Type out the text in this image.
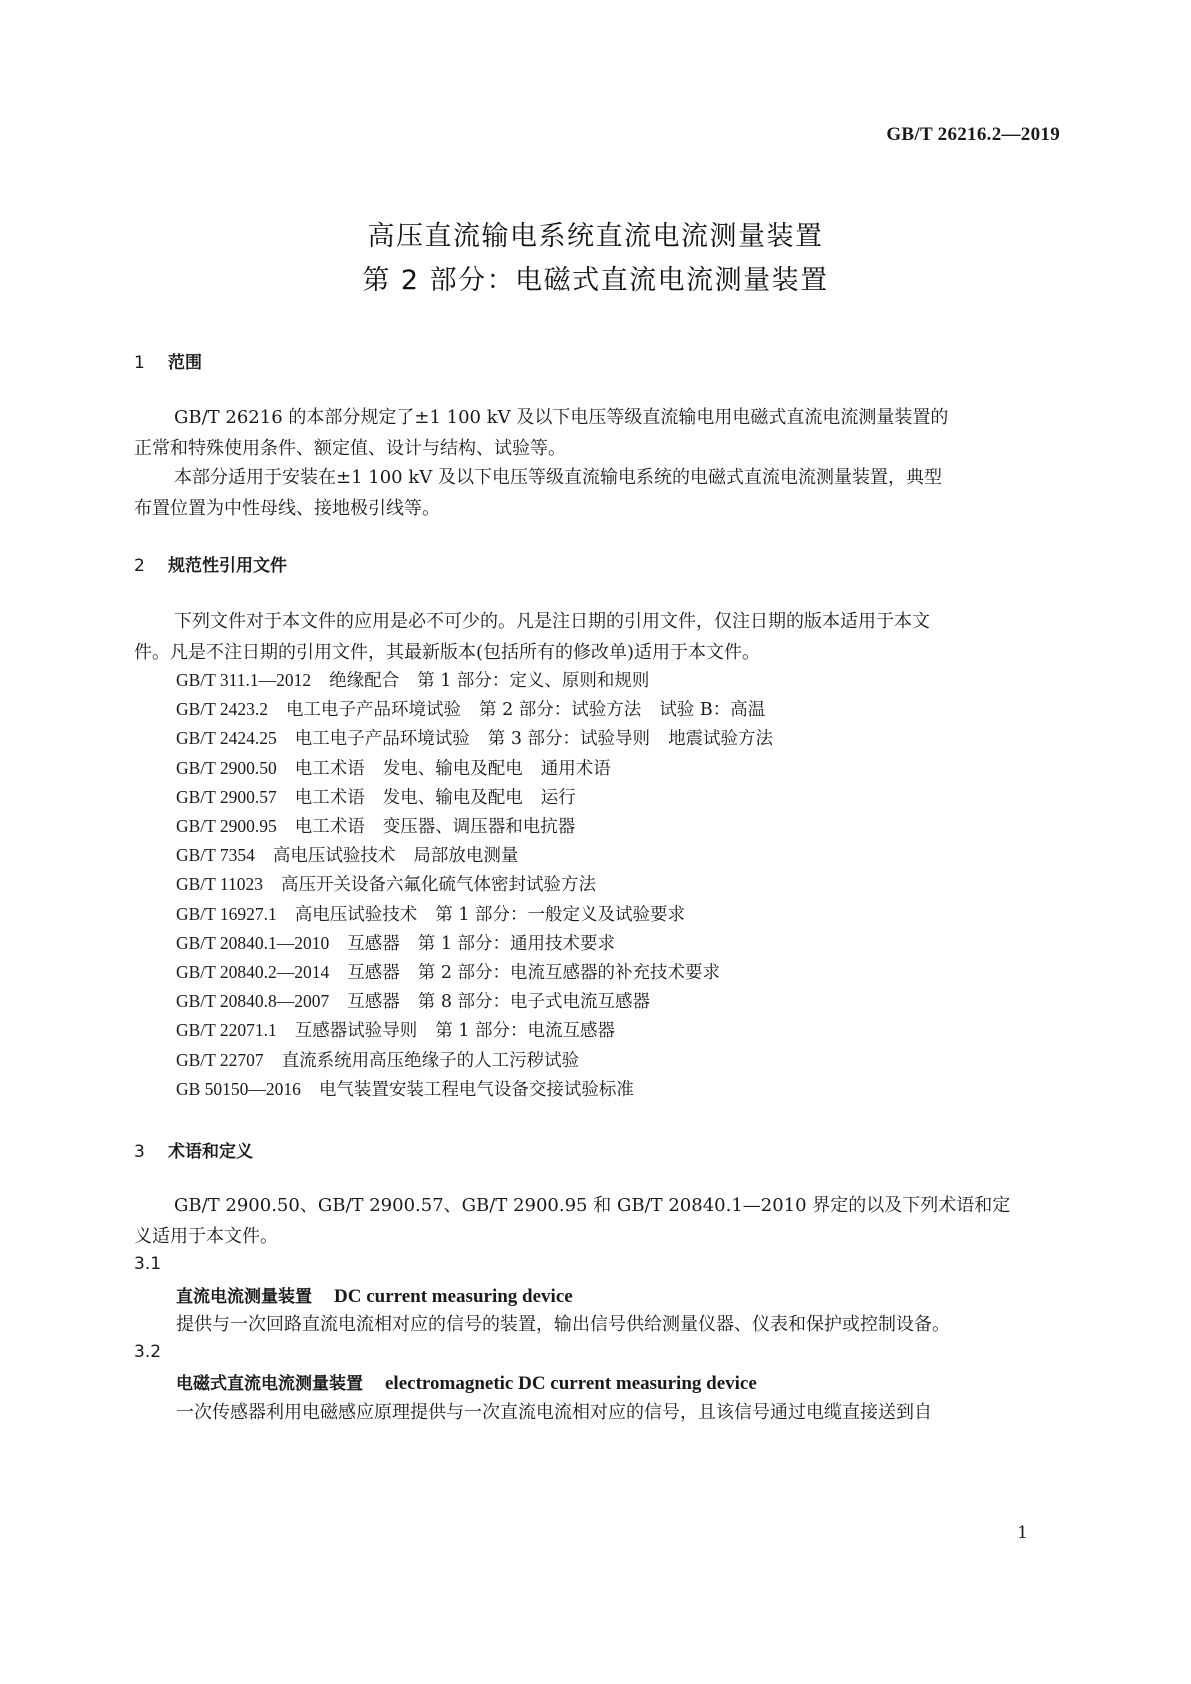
GB/T 26216.2—2019
高压直流输电系统直流电流测量装置
第 2 部分：电磁式直流电流测量装置
1 范围
GB/T 26216 的本部分规定了±1 100 kV 及以下电压等级直流输电用电磁式直流电流测量装置的
正常和特殊使用条件、额定值、设计与结构、试验等。
本部分适用于安装在±1 100 kV 及以下电压等级直流输电系统的电磁式直流电流测量装置，典型
布置位置为中性母线、接地极引线等。
2 规范性引用文件
下列文件对于本文件的应用是必不可少的。凡是注日期的引用文件，仅注日期的版本适用于本文
件。凡是不注日期的引用文件，其最新版本(包括所有的修改单)适用于本文件。
GB/T 311.1—2012 绝缘配合 第 1 部分：定义、原则和规则
GB/T 2423.2 电工电子产品环境试验 第 2 部分：试验方法 试验 B：高温
GB/T 2424.25 电工电子产品环境试验 第 3 部分：试验导则 地震试验方法
GB/T 2900.50 电工术语 发电、输电及配电 通用术语
GB/T 2900.57 电工术语 发电、输电及配电 运行
GB/T 2900.95 电工术语 变压器、调压器和电抗器
GB/T 7354 高电压试验技术 局部放电测量
GB/T 11023 高压开关设备六氟化硫气体密封试验方法
GB/T 16927.1 高电压试验技术 第 1 部分：一般定义及试验要求
GB/T 20840.1—2010 互感器 第 1 部分：通用技术要求
GB/T 20840.2—2014 互感器 第 2 部分：电流互感器的补充技术要求
GB/T 20840.8—2007 互感器 第 8 部分：电子式电流互感器
GB/T 22071.1 互感器试验导则 第 1 部分：电流互感器
GB/T 22707 直流系统用高压绝缘子的人工污秽试验
GB 50150—2016 电气装置安装工程电气设备交接试验标准
3 术语和定义
GB/T 2900.50、GB/T 2900.57、GB/T 2900.95 和 GB/T 20840.1—2010 界定的以及下列术语和定
义适用于本文件。
3.1
直流电流测量装置 DC current measuring device
提供与一次回路直流电流相对应的信号的装置，输出信号供给测量仪器、仪表和保护或控制设备。
3.2
电磁式直流电流测量装置 electromagnetic DC current measuring device
一次传感器利用电磁感应原理提供与一次直流电流相对应的信号，且该信号通过电缆直接送到自
1
